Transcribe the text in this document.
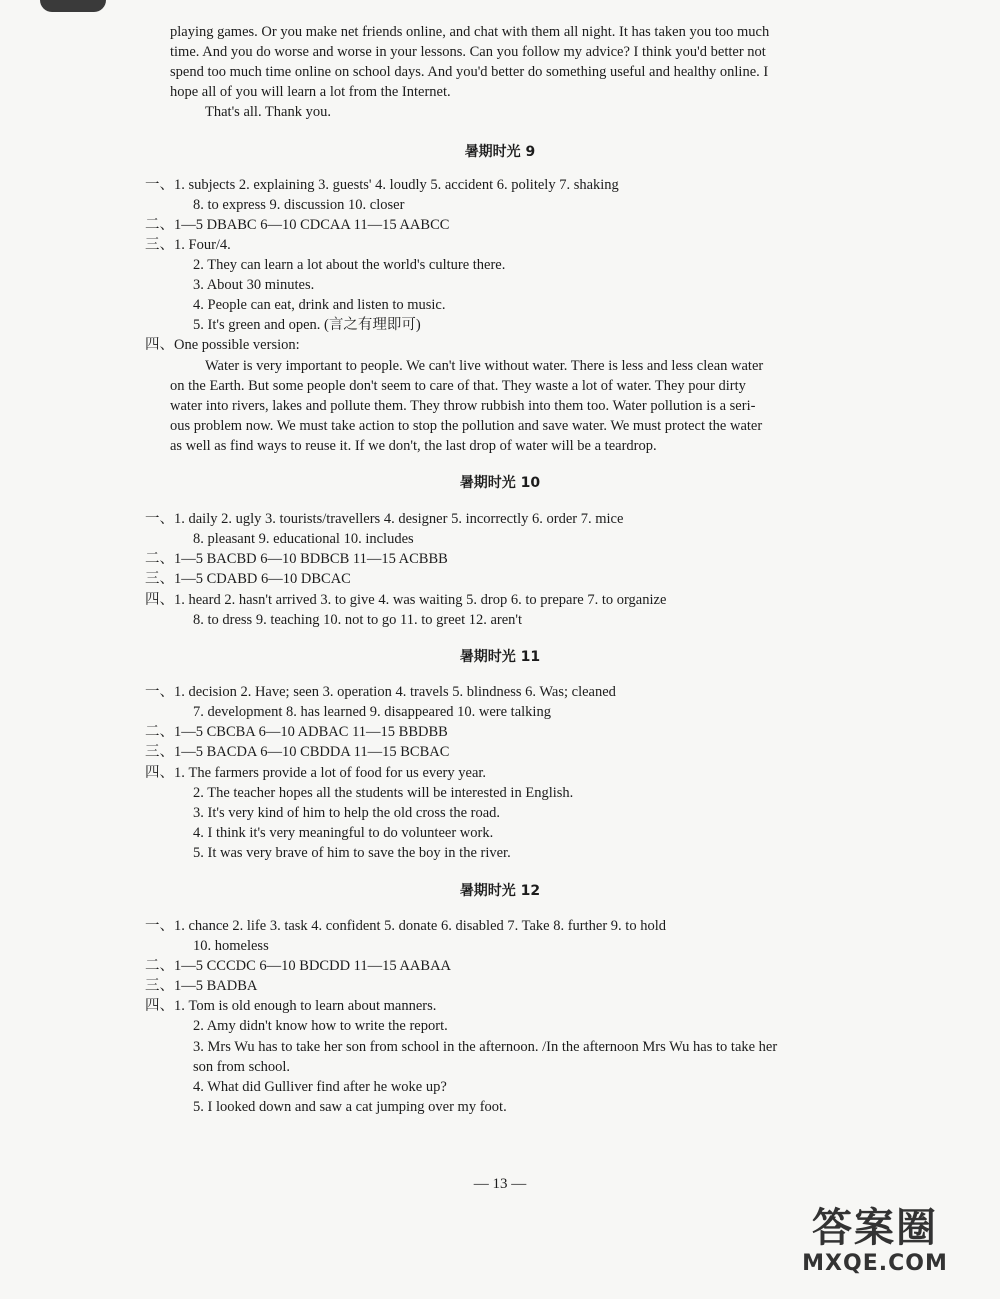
playing games. Or you make net friends online, and chat with them all night. It has taken you too much
time. And you do worse and worse in your lessons. Can you follow my advice? I think you'd better not
spend too much time online on school days. And you'd better do something useful and healthy online. I
hope all of you will learn a lot from the Internet.
That's all. Thank you.
暑期时光 9
一、1. subjects 2. explaining 3. guests' 4. loudly 5. accident 6. politely 7. shaking
8. to express 9. discussion 10. closer
二、1—5 DBABC 6—10 CDCAA 11—15 AABCC
三、1. Four/4.
2. They can learn a lot about the world's culture there.
3. About 30 minutes.
4. People can eat, drink and listen to music.
5. It's green and open. (言之有理即可)
四、One possible version:
Water is very important to people. We can't live without water. There is less and less clean water
on the Earth. But some people don't seem to care of that. They waste a lot of water. They pour dirty
water into rivers, lakes and pollute them. They throw rubbish into them too. Water pollution is a seri-
ous problem now. We must take action to stop the pollution and save water. We must protect the water
as well as find ways to reuse it. If we don't, the last drop of water will be a teardrop.
暑期时光 10
一、1. daily 2. ugly 3. tourists/travellers 4. designer 5. incorrectly 6. order 7. mice
8. pleasant 9. educational 10. includes
二、1—5 BACBD 6—10 BDBCB 11—15 ACBBB
三、1—5 CDABD 6—10 DBCAC
四、1. heard 2. hasn't arrived 3. to give 4. was waiting 5. drop 6. to prepare 7. to organize
8. to dress 9. teaching 10. not to go 11. to greet 12. aren't
暑期时光 11
一、1. decision 2. Have; seen 3. operation 4. travels 5. blindness 6. Was; cleaned
7. development 8. has learned 9. disappeared 10. were talking
二、1—5 CBCBA 6—10 ADBAC 11—15 BBDBB
三、1—5 BACDA 6—10 CBDDA 11—15 BCBAC
四、1. The farmers provide a lot of food for us every year.
2. The teacher hopes all the students will be interested in English.
3. It's very kind of him to help the old cross the road.
4. I think it's very meaningful to do volunteer work.
5. It was very brave of him to save the boy in the river.
暑期时光 12
一、1. chance 2. life 3. task 4. confident 5. donate 6. disabled 7. Take 8. further 9. to hold
10. homeless
二、1—5 CCCDC 6—10 BDCDD 11—15 AABAA
三、1—5 BADBA
四、1. Tom is old enough to learn about manners.
2. Amy didn't know how to write the report.
3. Mrs Wu has to take her son from school in the afternoon. /In the afternoon Mrs Wu has to take her
son from school.
4. What did Gulliver find after he woke up?
5. I looked down and saw a cat jumping over my foot.
— 13 —
答案圈
MXQE.COM
